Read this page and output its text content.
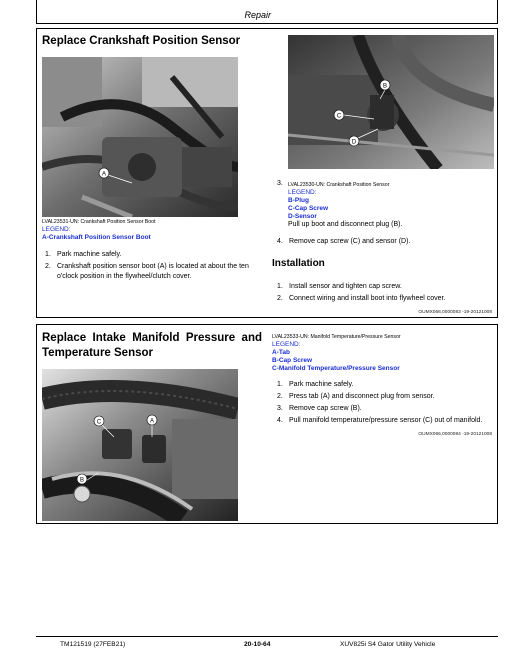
Repair
Replace Crankshaft Position Sensor
A
LVAL23531-UN: Crankshaft Position Sensor Boot
LEGEND:
A-Crankshaft Position Sensor Boot
1. Park machine safely.
2. Crankshaft position sensor boot (A) is located at about the ten o'clock position in the flywheel/clutch cover.
B
C
D
3. LVAL23530-UN: Crankshaft Position Sensor
LEGEND:
B-Plug
C-Cap Screw
D-Sensor
Pull up boot and disconnect plug (B).
4. Remove cap screw (C) and sensor (D).
Installation
1. Install sensor and tighten cap screw.
2. Connect wiring and install boot into flywheel cover.
OUMX066,0000083 -19-20121008
Replace Intake Manifold Pressure and Temperature Sensor
C	A
B
LVAL23533-UN: Manifold Temperature/Pressure Sensor
LEGEND:
A-Tab
B-Cap Screw
C-Manifold Temperature/Pressure Sensor
1. Park machine safely.
2. Press tab (A) and disconnect plug from sensor.
3. Remove cap screw (B).
4. Pull manifold temperature/pressure sensor (C) out of manifold.
OUMX066,0000084 -19-20121008
TM121519 (27FEB21)	20-10-64	XUV825i S4 Gator Utility Vehicle
